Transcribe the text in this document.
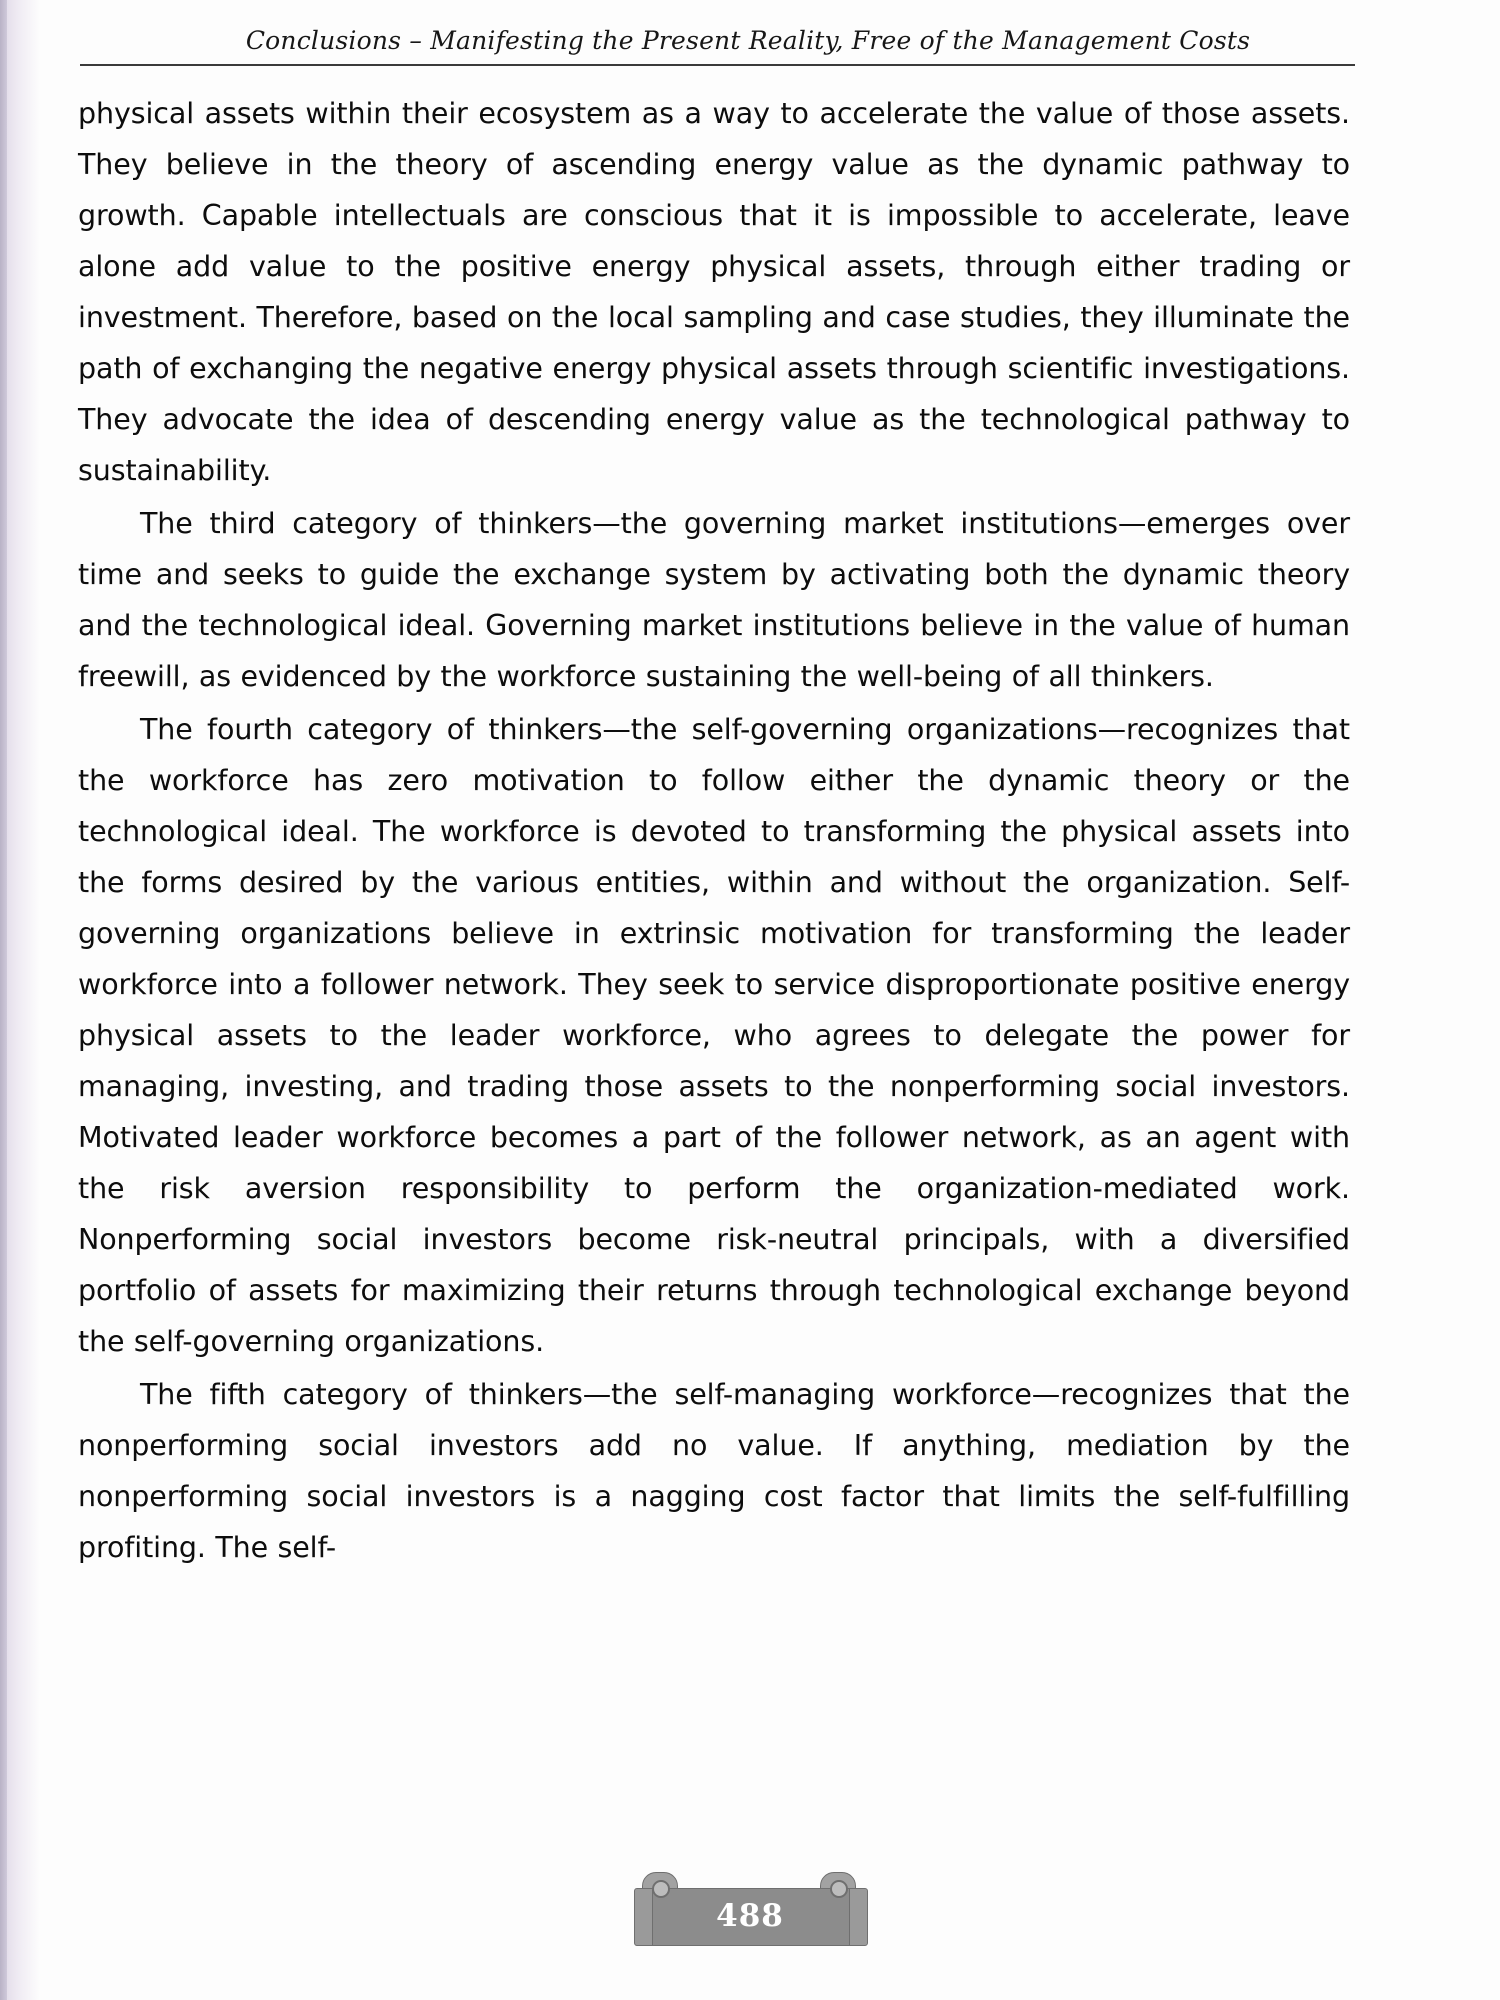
Conclusions – Manifesting the Present Reality, Free of the Management Costs

physical assets within their ecosystem as a way to accelerate the value of those assets. They believe in the theory of ascending energy value as the dynamic pathway to growth. Capable intellectuals are conscious that it is impossible to accelerate, leave alone add value to the positive energy physical assets, through either trading or investment. Therefore, based on the local sampling and case studies, they illuminate the path of exchanging the negative energy physical assets through scientific investigations. They advocate the idea of descending energy value as the technological pathway to sustainability.

The third category of thinkers—the governing market institutions—emerges over time and seeks to guide the exchange system by activating both the dynamic theory and the technological ideal. Governing market institutions believe in the value of human freewill, as evidenced by the workforce sustaining the well-being of all thinkers.

The fourth category of thinkers—the self-governing organizations—recognizes that the workforce has zero motivation to follow either the dynamic theory or the technological ideal. The workforce is devoted to transforming the physical assets into the forms desired by the various entities, within and without the organization. Self-governing organizations believe in extrinsic motivation for transforming the leader workforce into a follower network. They seek to service disproportionate positive energy physical assets to the leader workforce, who agrees to delegate the power for managing, investing, and trading those assets to the nonperforming social investors. Motivated leader workforce becomes a part of the follower network, as an agent with the risk aversion responsibility to perform the organization-mediated work. Nonperforming social investors become risk-neutral principals, with a diversified portfolio of assets for maximizing their returns through technological exchange beyond the self-governing organizations.

The fifth category of thinkers—the self-managing workforce—recognizes that the nonperforming social investors add no value. If anything, mediation by the nonperforming social investors is a nagging cost factor that limits the self-fulfilling profiting. The self-

488
